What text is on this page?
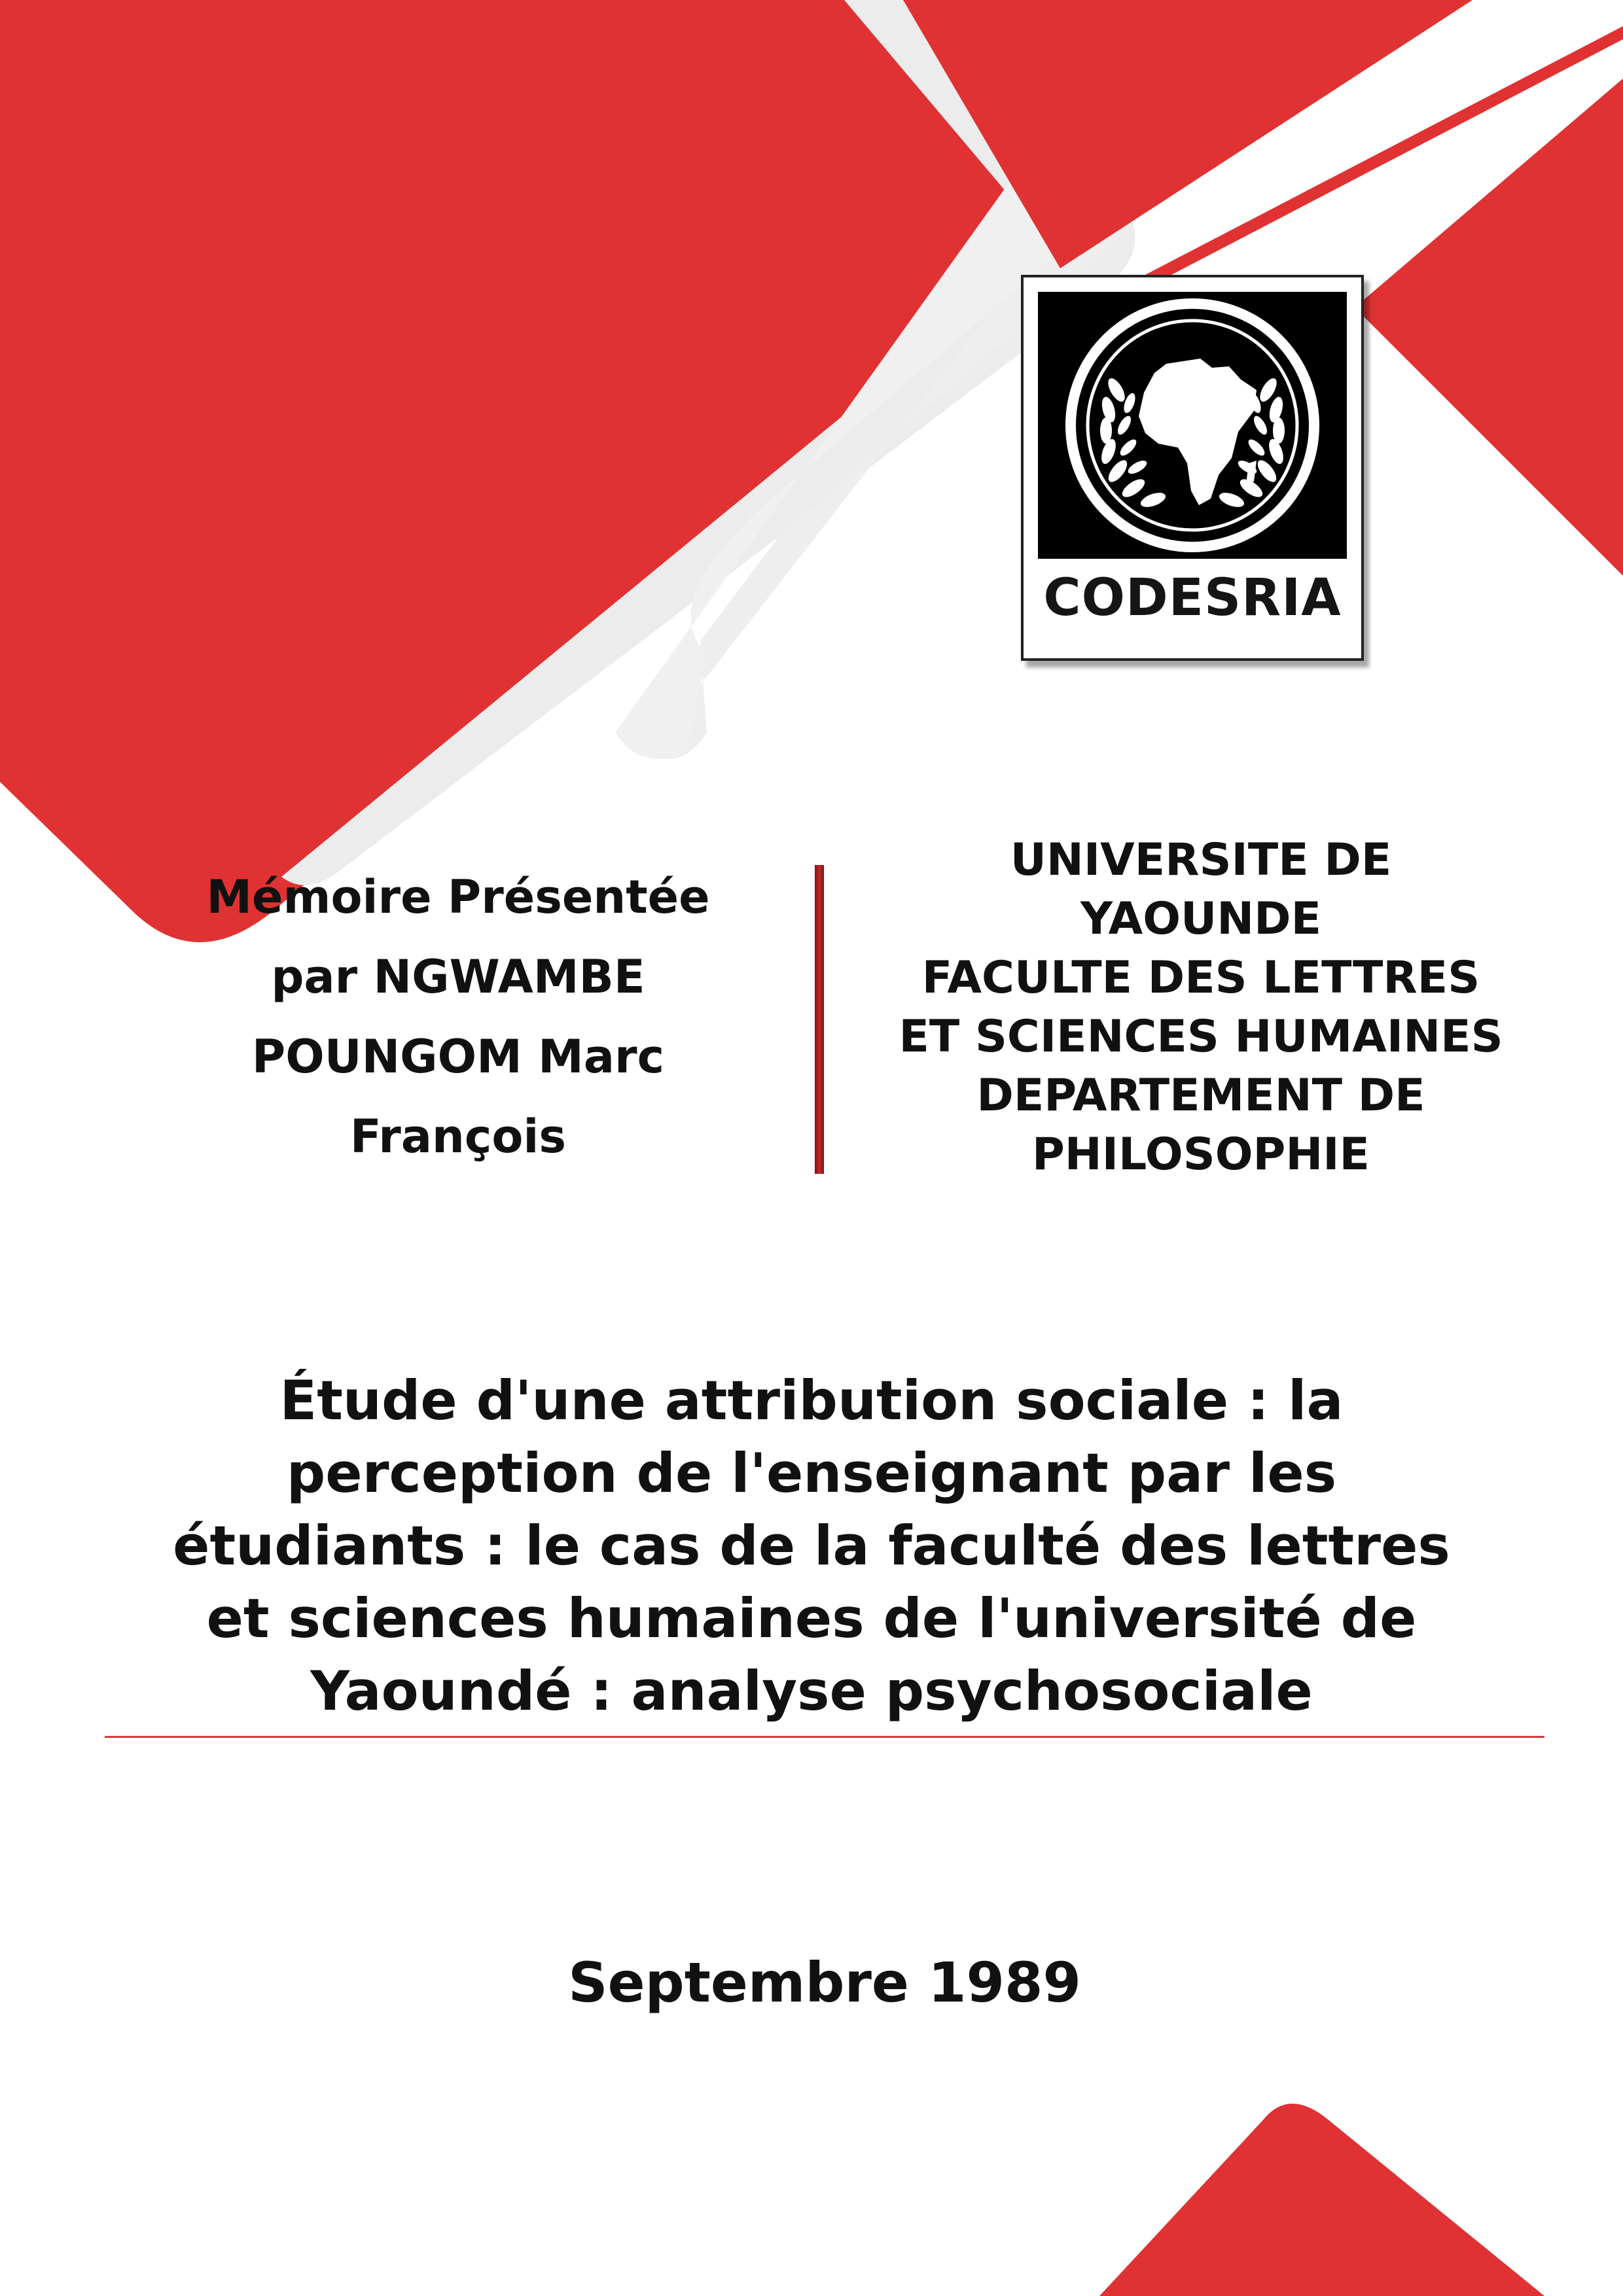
CODESRIA
Mémoire Présentée
par NGWAMBE
POUNGOM Marc
François
UNIVERSITE DE
YAOUNDE
FACULTE DES LETTRES
ET SCIENCES HUMAINES
DEPARTEMENT DE
PHILOSOPHIE
Étude d'une attribution sociale : la
perception de l'enseignant par les
étudiants : le cas de la faculté des lettres
et sciences humaines de l'université de
Yaoundé : analyse psychosociale
Septembre 1989
